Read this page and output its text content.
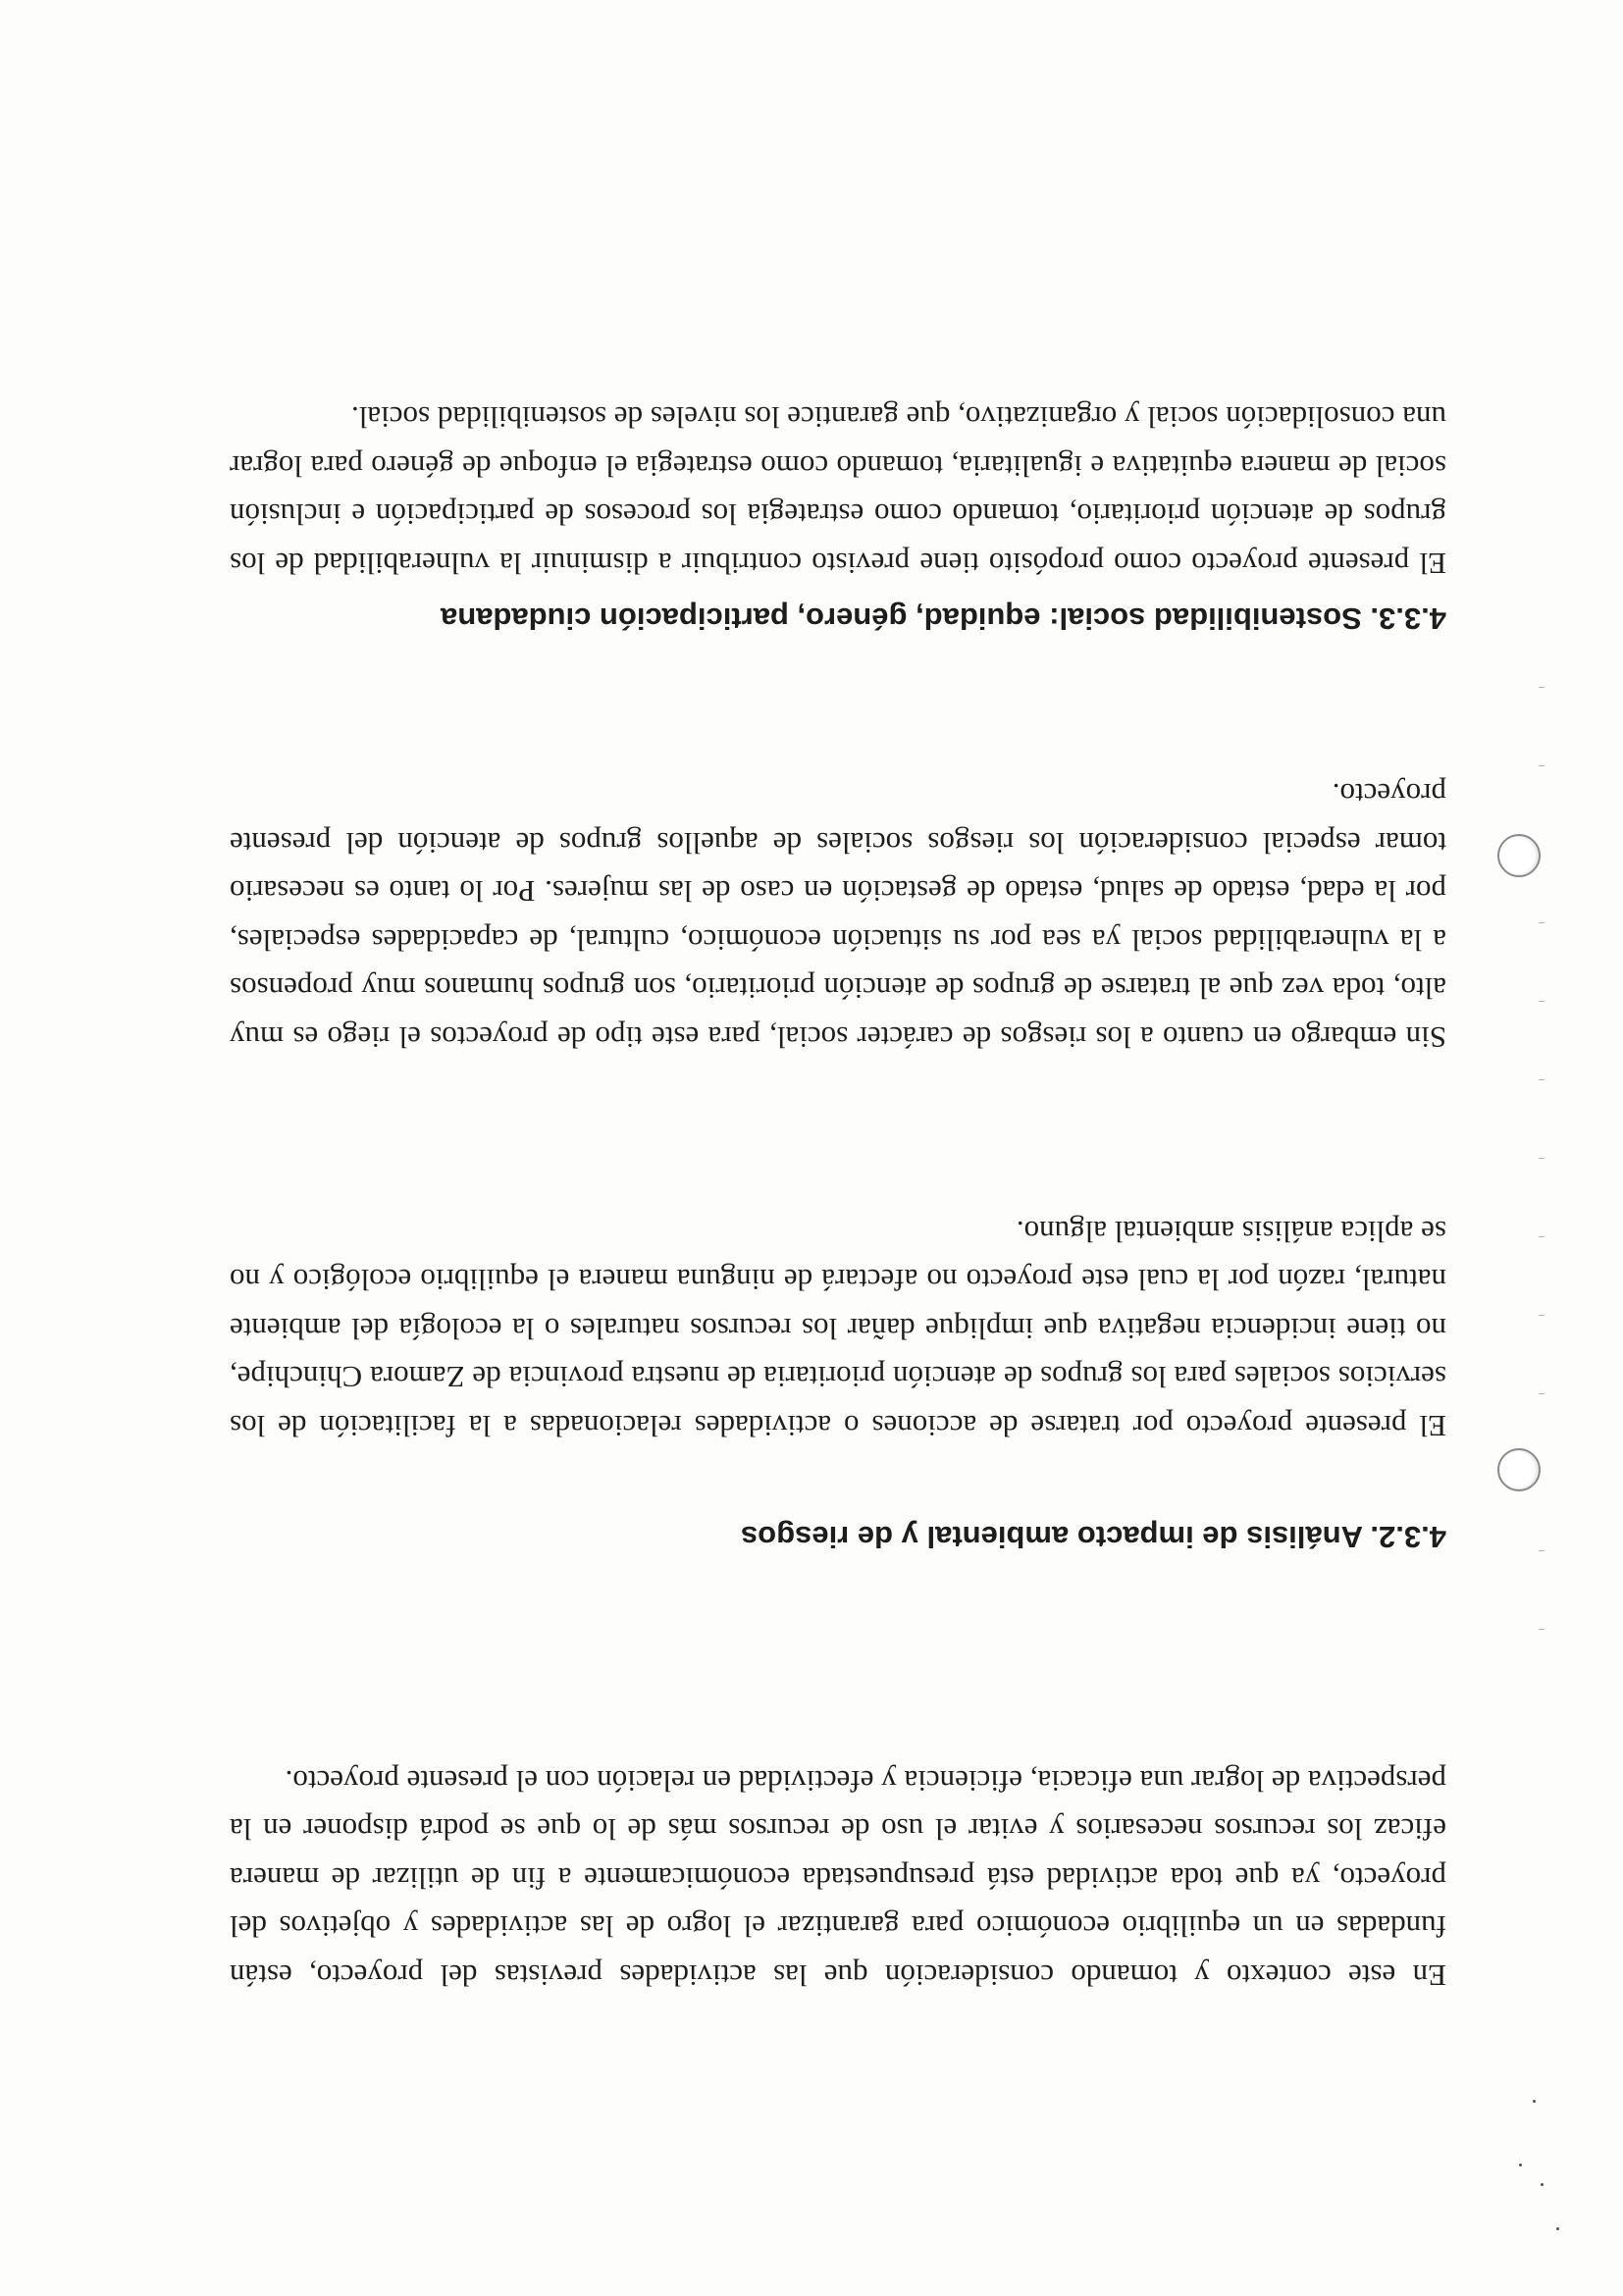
En este contexto y tomando consideración que las actividades previstas del proyecto, están fundadas en un equilibrio económico para garantizar el logro de las actividades y objetivos del proyecto, ya que toda actividad está presupuestada económicamente a fin de utilizar de manera eficaz los recursos necesarios y evitar el uso de recursos más de lo que se podrá disponer en la perspectiva de lograr una eficacia, eficiencia y efectividad en relación con el presente proyecto.

4.3.2. Análisis de impacto ambiental y de riesgos

El presente proyecto por tratarse de acciones o actividades relacionadas a la facilitación de los servicios sociales para los grupos de atención prioritaria de nuestra provincia de Zamora Chinchipe, no tiene incidencia negativa que implique dañar los recursos naturales o la ecología del ambiente natural, razón por la cual este proyecto no afectará de ninguna manera el equilibrio ecológico y no se aplica análisis ambiental alguno.

Sin embargo en cuanto a los riesgos de carácter social, para este tipo de proyectos el riego es muy alto, toda vez que al tratarse de grupos de atención prioritario, son grupos humanos muy propensos a la vulnerabilidad social ya sea por su situación económico, cultural, de capacidades especiales, por la edad, estado de salud, estado de gestación en caso de las mujeres. Por lo tanto es necesario tomar especial consideración los riesgos sociales de aquellos grupos de atención del presente proyecto.

4.3.3. Sostenibilidad social: equidad, género, participación ciudadana

El presente proyecto como propósito tiene previsto contribuir a disminuir la vulnerabilidad de los grupos de atención prioritario, tomando como estrategia los procesos de participación e inclusión social de manera equitativa e igualitaria, tomando como estrategia el enfoque de género para lograr una consolidación social y organizativo, que garantice los niveles de sostenibilidad social.
